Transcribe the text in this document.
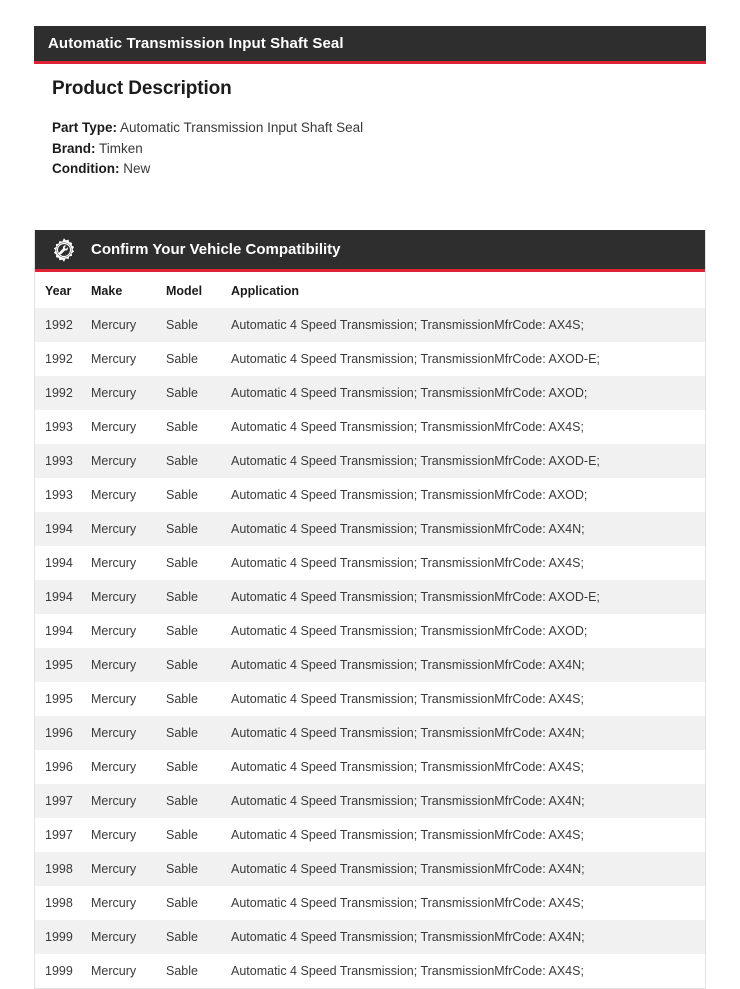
Automatic Transmission Input Shaft Seal
Product Description
Part Type: Automatic Transmission Input Shaft Seal
Brand: Timken
Condition: New
Confirm Your Vehicle Compatibility
Year	Make	Model	Application
1992	Mercury	Sable	Automatic 4 Speed Transmission; TransmissionMfrCode: AX4S;
1992	Mercury	Sable	Automatic 4 Speed Transmission; TransmissionMfrCode: AXOD-E;
1992	Mercury	Sable	Automatic 4 Speed Transmission; TransmissionMfrCode: AXOD;
1993	Mercury	Sable	Automatic 4 Speed Transmission; TransmissionMfrCode: AX4S;
1993	Mercury	Sable	Automatic 4 Speed Transmission; TransmissionMfrCode: AXOD-E;
1993	Mercury	Sable	Automatic 4 Speed Transmission; TransmissionMfrCode: AXOD;
1994	Mercury	Sable	Automatic 4 Speed Transmission; TransmissionMfrCode: AX4N;
1994	Mercury	Sable	Automatic 4 Speed Transmission; TransmissionMfrCode: AX4S;
1994	Mercury	Sable	Automatic 4 Speed Transmission; TransmissionMfrCode: AXOD-E;
1994	Mercury	Sable	Automatic 4 Speed Transmission; TransmissionMfrCode: AXOD;
1995	Mercury	Sable	Automatic 4 Speed Transmission; TransmissionMfrCode: AX4N;
1995	Mercury	Sable	Automatic 4 Speed Transmission; TransmissionMfrCode: AX4S;
1996	Mercury	Sable	Automatic 4 Speed Transmission; TransmissionMfrCode: AX4N;
1996	Mercury	Sable	Automatic 4 Speed Transmission; TransmissionMfrCode: AX4S;
1997	Mercury	Sable	Automatic 4 Speed Transmission; TransmissionMfrCode: AX4N;
1997	Mercury	Sable	Automatic 4 Speed Transmission; TransmissionMfrCode: AX4S;
1998	Mercury	Sable	Automatic 4 Speed Transmission; TransmissionMfrCode: AX4N;
1998	Mercury	Sable	Automatic 4 Speed Transmission; TransmissionMfrCode: AX4S;
1999	Mercury	Sable	Automatic 4 Speed Transmission; TransmissionMfrCode: AX4N;
1999	Mercury	Sable	Automatic 4 Speed Transmission; TransmissionMfrCode: AX4S;
